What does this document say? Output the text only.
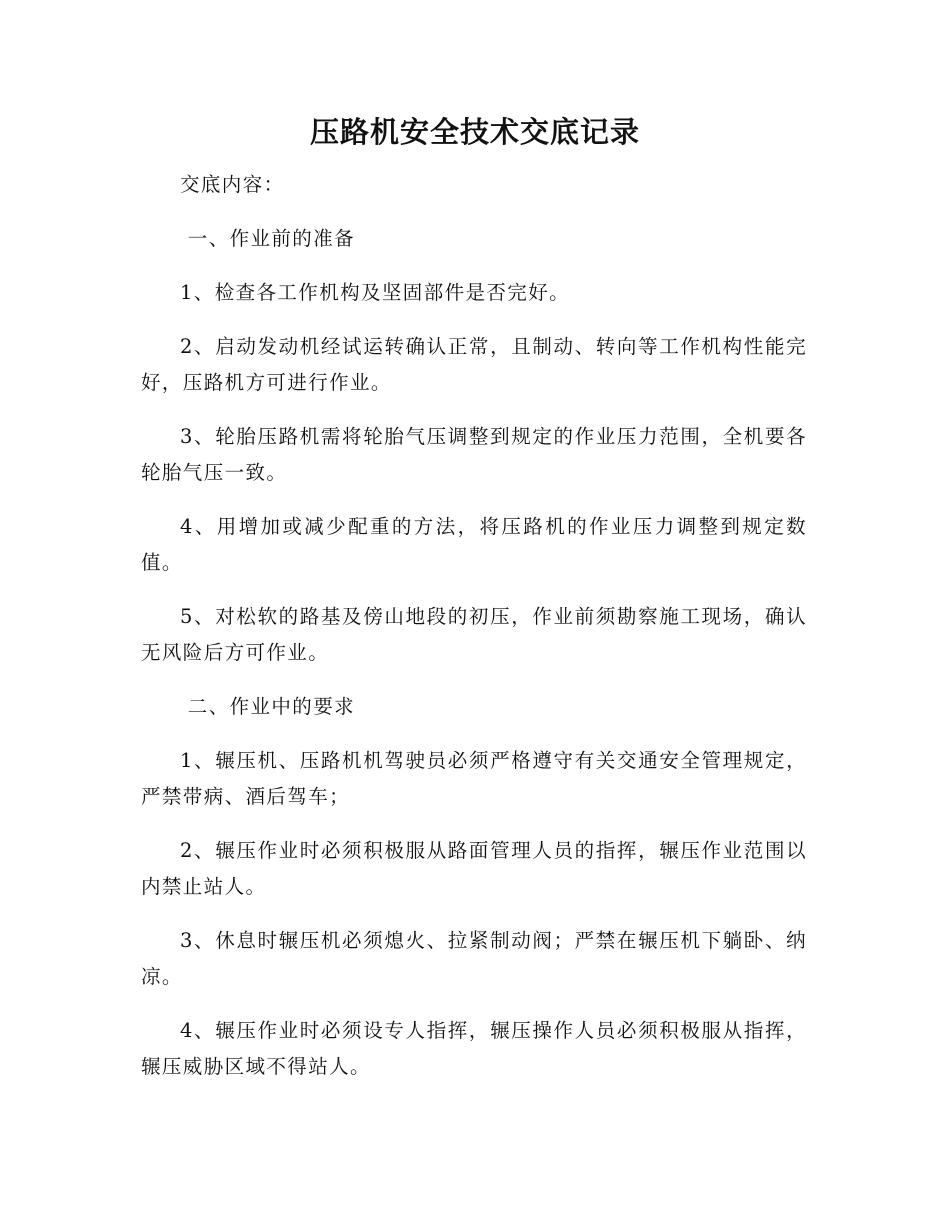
压路机安全技术交底记录

交底内容：

一、作业前的准备

1、检查各工作机构及坚固部件是否完好。

2、启动发动机经试运转确认正常，且制动、转向等工作机构性能完好，压路机方可进行作业。

3、轮胎压路机需将轮胎气压调整到规定的作业压力范围，全机要各轮胎气压一致。

4、用增加或减少配重的方法，将压路机的作业压力调整到规定数值。

5、对松软的路基及傍山地段的初压，作业前须勘察施工现场，确认无风险后方可作业。

二、作业中的要求

1、辗压机、压路机机驾驶员必须严格遵守有关交通安全管理规定，严禁带病、酒后驾车；

2、辗压作业时必须积极服从路面管理人员的指挥，辗压作业范围以内禁止站人。

3、休息时辗压机必须熄火、拉紧制动阀；严禁在辗压机下躺卧、纳凉。

4、辗压作业时必须设专人指挥，辗压操作人员必须积极服从指挥，辗压威胁区域不得站人。
